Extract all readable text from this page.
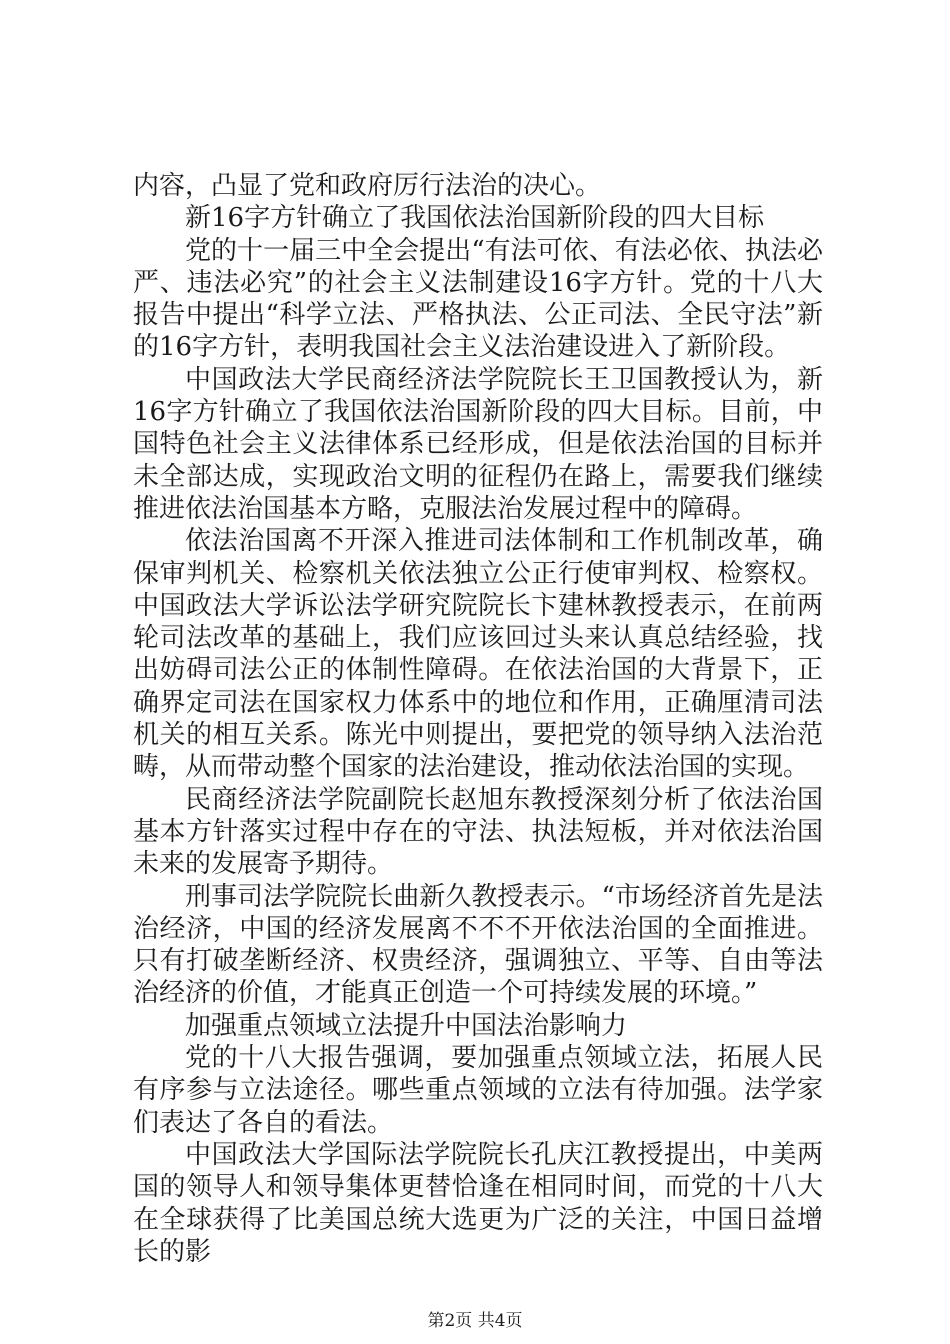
内容，凸显了党和政府厉行法治的决心。

新16字方针确立了我国依法治国新阶段的四大目标

党的十一届三中全会提出“有法可依、有法必依、执法必严、违法必究”的社会主义法制建设16字方针。党的十八大报告中提出“科学立法、严格执法、公正司法、全民守法”新的16字方针，表明我国社会主义法治建设进入了新阶段。

中国政法大学民商经济法学院院长王卫国教授认为，新16字方针确立了我国依法治国新阶段的四大目标。目前，中国特色社会主义法律体系已经形成，但是依法治国的目标并未全部达成，实现政治文明的征程仍在路上，需要我们继续推进依法治国基本方略，克服法治发展过程中的障碍。

依法治国离不开深入推进司法体制和工作机制改革，确保审判机关、检察机关依法独立公正行使审判权、检察权。中国政法大学诉讼法学研究院院长卞建林教授表示，在前两轮司法改革的基础上，我们应该回过头来认真总结经验，找出妨碍司法公正的体制性障碍。在依法治国的大背景下，正确界定司法在国家权力体系中的地位和作用，正确厘清司法机关的相互关系。陈光中则提出，要把党的领导纳入法治范畴，从而带动整个国家的法治建设，推动依法治国的实现。

民商经济法学院副院长赵旭东教授深刻分析了依法治国基本方针落实过程中存在的守法、执法短板，并对依法治国未来的发展寄予期待。

刑事司法学院院长曲新久教授表示。“市场经济首先是法治经济，中国的经济发展离不不不开依法治国的全面推进。只有打破垄断经济、权贵经济，强调独立、平等、自由等法治经济的价值，才能真正创造一个可持续发展的环境。”

加强重点领域立法提升中国法治影响力

党的十八大报告强调，要加强重点领域立法，拓展人民有序参与立法途径。哪些重点领域的立法有待加强。法学家们表达了各自的看法。

中国政法大学国际法学院院长孔庆江教授提出，中美两国的领导人和领导集体更替恰逢在相同时间，而党的十八大在全球获得了比美国总统大选更为广泛的关注，中国日益增长的影

第2页 共4页
